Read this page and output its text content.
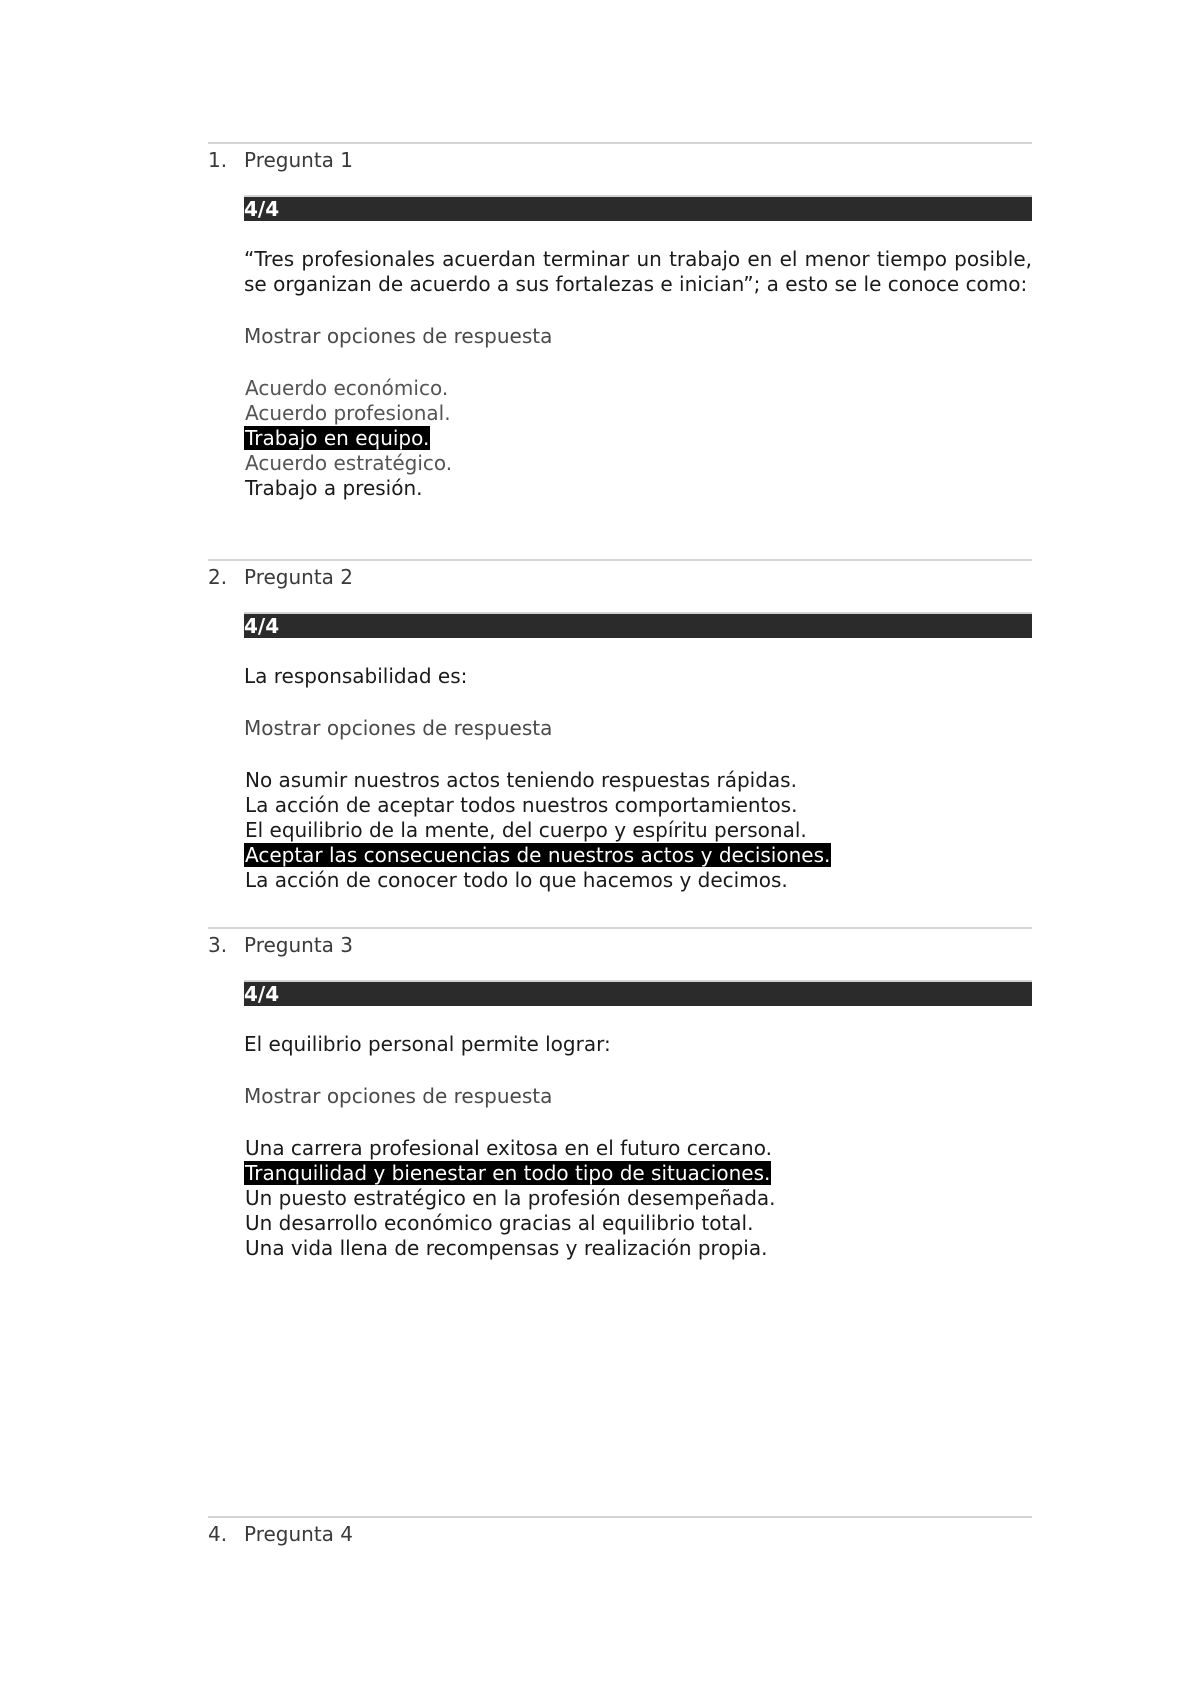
1. Pregunta 1
4/4
“Tres profesionales acuerdan terminar un trabajo en el menor tiempo posible, se organizan de acuerdo a sus fortalezas e inician”; a esto se le conoce como:
Mostrar opciones de respuesta
Acuerdo económico.
Acuerdo profesional.
Trabajo en equipo.
Acuerdo estratégico.
Trabajo a presión.
2. Pregunta 2
4/4
La responsabilidad es:
Mostrar opciones de respuesta
No asumir nuestros actos teniendo respuestas rápidas.
La acción de aceptar todos nuestros comportamientos.
El equilibrio de la mente, del cuerpo y espíritu personal.
Aceptar las consecuencias de nuestros actos y decisiones.
La acción de conocer todo lo que hacemos y decimos.
3. Pregunta 3
4/4
El equilibrio personal permite lograr:
Mostrar opciones de respuesta
Una carrera profesional exitosa en el futuro cercano.
Tranquilidad y bienestar en todo tipo de situaciones.
Un puesto estratégico en la profesión desempeñada.
Un desarrollo económico gracias al equilibrio total.
Una vida llena de recompensas y realización propia.
4. Pregunta 4
